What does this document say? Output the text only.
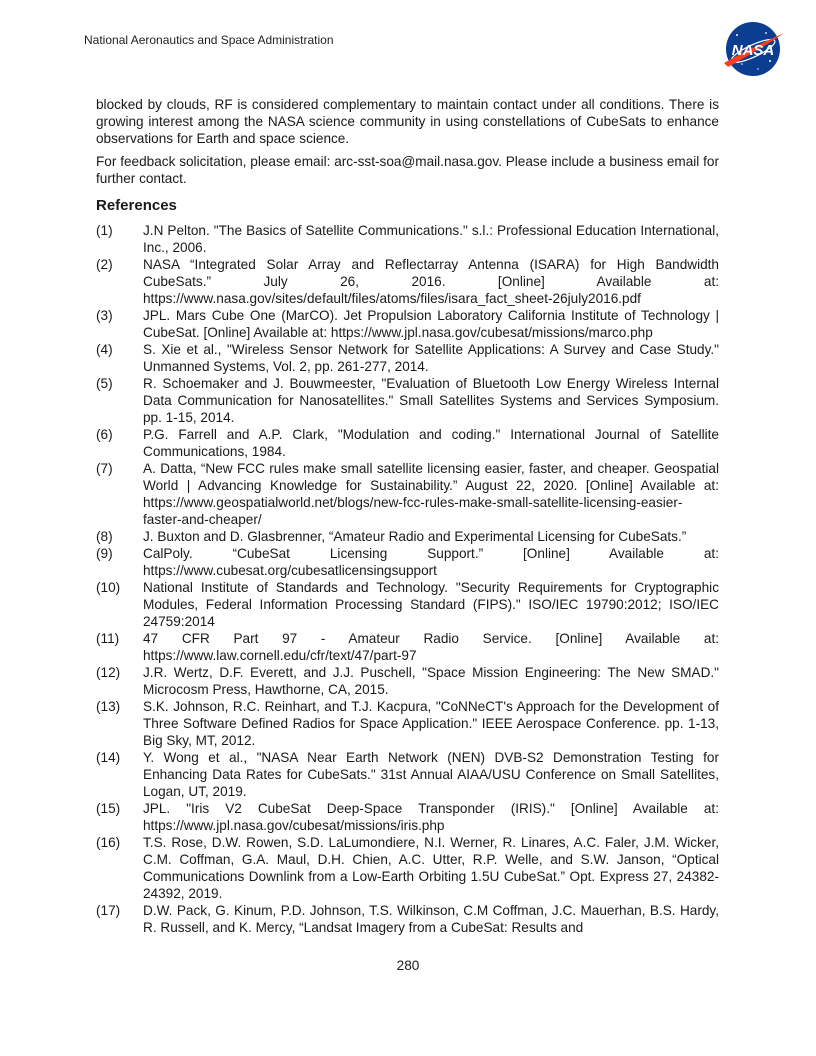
National Aeronautics and Space Administration
NASA

blocked by clouds, RF is considered complementary to maintain contact under all conditions. There is growing interest among the NASA science community in using constellations of CubeSats to enhance observations for Earth and space science.

For feedback solicitation, please email: arc-sst-soa@mail.nasa.gov. Please include a business email for further contact.

References
(1)	J.N Pelton. "The Basics of Satellite Communications." s.l.: Professional Education International, Inc., 2006.
(2)	NASA “Integrated Solar Array and Reflectarray Antenna (ISARA) for High Bandwidth CubeSats.” July 26, 2016. [Online] Available at: https://www.nasa.gov/sites/default/files/atoms/files/isara_fact_sheet-26july2016.pdf
(3)	JPL. Mars Cube One (MarCO). Jet Propulsion Laboratory California Institute of Technology | CubeSat. [Online] Available at: https://www.jpl.nasa.gov/cubesat/missions/marco.php
(4)	S. Xie et al., "Wireless Sensor Network for Satellite Applications: A Survey and Case Study." Unmanned Systems, Vol. 2, pp. 261-277, 2014.
(5)	R. Schoemaker and J. Bouwmeester, "Evaluation of Bluetooth Low Energy Wireless Internal Data Communication for Nanosatellites." Small Satellites Systems and Services Symposium. pp. 1-15, 2014.
(6)	P.G. Farrell and A.P. Clark, "Modulation and coding." International Journal of Satellite Communications, 1984.
(7)	A. Datta, “New FCC rules make small satellite licensing easier, faster, and cheaper. Geospatial World | Advancing Knowledge for Sustainability.” August 22, 2020. [Online] Available at: https://www.geospatialworld.net/blogs/new-fcc-rules-make-small-satellite-licensing-easier-faster-and-cheaper/
(8)	J. Buxton and D. Glasbrenner, “Amateur Radio and Experimental Licensing for CubeSats.”
(9)	CalPoly. “CubeSat Licensing Support.” [Online] Available at: https://www.cubesat.org/cubesatlicensingsupport
(10)	National Institute of Standards and Technology. "Security Requirements for Cryptographic Modules, Federal Information Processing Standard (FIPS)." ISO/IEC 19790:2012; ISO/IEC 24759:2014
(11)	47 CFR Part 97 - Amateur Radio Service. [Online] Available at: https://www.law.cornell.edu/cfr/text/47/part-97
(12)	J.R. Wertz, D.F. Everett, and J.J. Puschell, "Space Mission Engineering: The New SMAD." Microcosm Press, Hawthorne, CA, 2015.
(13)	S.K. Johnson, R.C. Reinhart, and T.J. Kacpura, "CoNNeCT's Approach for the Development of Three Software Defined Radios for Space Application." IEEE Aerospace Conference. pp. 1-13, Big Sky, MT, 2012.
(14)	Y. Wong et al., "NASA Near Earth Network (NEN) DVB-S2 Demonstration Testing for Enhancing Data Rates for CubeSats." 31st Annual AIAA/USU Conference on Small Satellites, Logan, UT, 2019.
(15)	JPL. "Iris V2 CubeSat Deep-Space Transponder (IRIS)." [Online] Available at: https://www.jpl.nasa.gov/cubesat/missions/iris.php
(16)	T.S. Rose, D.W. Rowen, S.D. LaLumondiere, N.I. Werner, R. Linares, A.C. Faler, J.M. Wicker, C.M. Coffman, G.A. Maul, D.H. Chien, A.C. Utter, R.P. Welle, and S.W. Janson, “Optical Communications Downlink from a Low-Earth Orbiting 1.5U CubeSat.” Opt. Express 27, 24382-24392, 2019.
(17)	D.W. Pack, G. Kinum, P.D. Johnson, T.S. Wilkinson, C.M Coffman, J.C. Mauerhan, B.S. Hardy, R. Russell, and K. Mercy, “Landsat Imagery from a CubeSat: Results and
280
